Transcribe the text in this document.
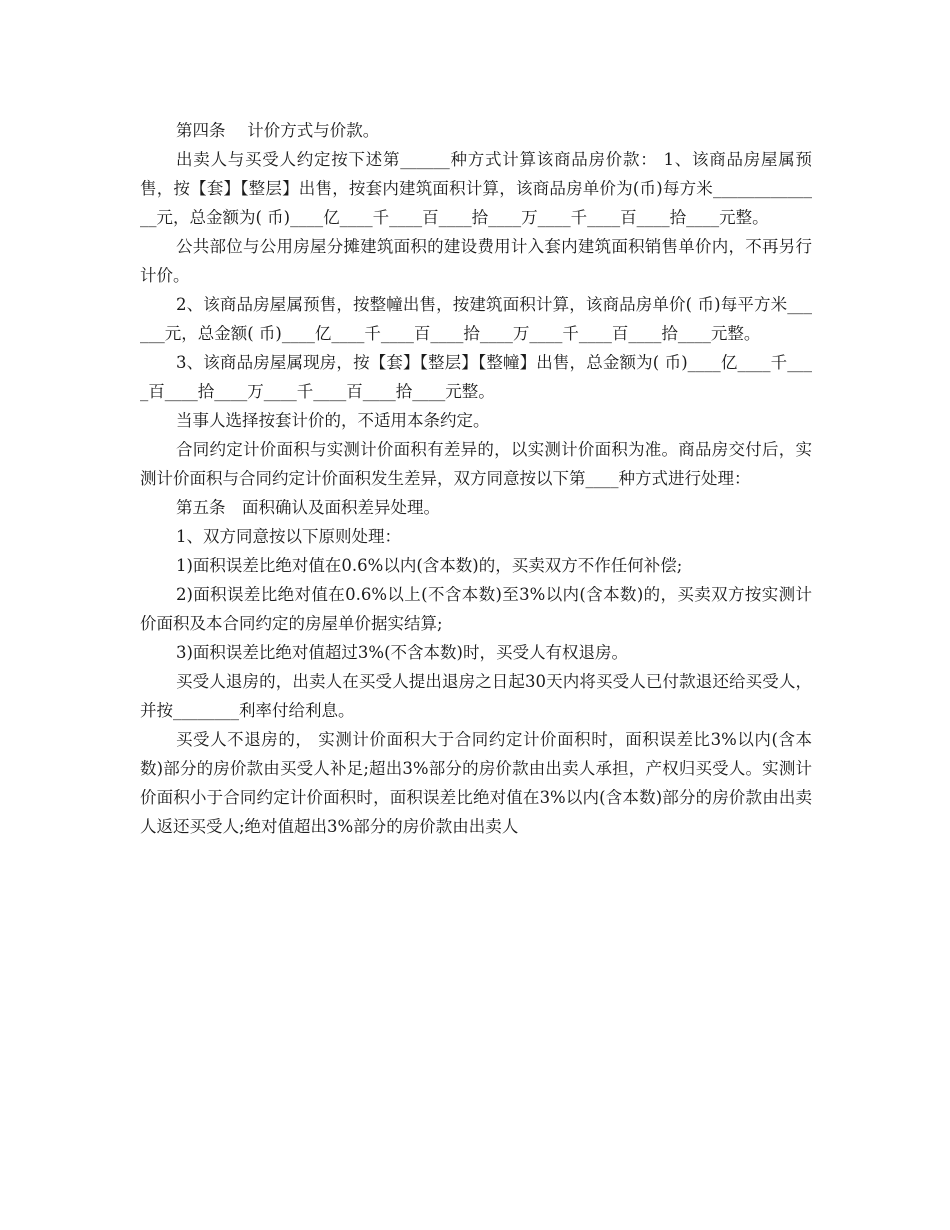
第四条　 计价方式与价款。

出卖人与买受人约定按下述第______种方式计算该商品房价款： 1、该商品房屋属预售，按【套】【整层】出售，按套内建筑面积计算，该商品房单价为(币)每方米______________元，总金额为( 币)____亿____千____百____拾____万____千____百____拾____元整。

公共部位与公用房屋分摊建筑面积的建设费用计入套内建筑面积销售单价内，不再另行计价。

2、该商品房屋属预售，按整幢出售，按建筑面积计算，该商品房单价( 币)每平方米______元，总金额( 币)____亿____千____百____拾____万____千____百____拾____元整。

3、该商品房屋属现房，按【套】【整层】【整幢】出售，总金额为( 币)____亿____千____百____拾____万____千____百____拾____元整。

当事人选择按套计价的，不适用本条约定。

合同约定计价面积与实测计价面积有差异的，以实测计价面积为准。商品房交付后，实测计价面积与合同约定计价面积发生差异，双方同意按以下第____种方式进行处理：

第五条　面积确认及面积差异处理。

1、双方同意按以下原则处理：

1)面积误差比绝对值在0.6%以内(含本数)的，买卖双方不作任何补偿;

2)面积误差比绝对值在0.6%以上(不含本数)至3%以内(含本数)的，买卖双方按实测计价面积及本合同约定的房屋单价据实结算;

3)面积误差比绝对值超过3%(不含本数)时，买受人有权退房。

买受人退房的，出卖人在买受人提出退房之日起30天内将买受人已付款退还给买受人，并按________利率付给利息。

买受人不退房的， 实测计价面积大于合同约定计价面积时，面积误差比3%以内(含本数)部分的房价款由买受人补足;超出3%部分的房价款由出卖人承担，产权归买受人。实测计价面积小于合同约定计价面积时，面积误差比绝对值在3%以内(含本数)部分的房价款由出卖人返还买受人;绝对值超出3%部分的房价款由出卖人
